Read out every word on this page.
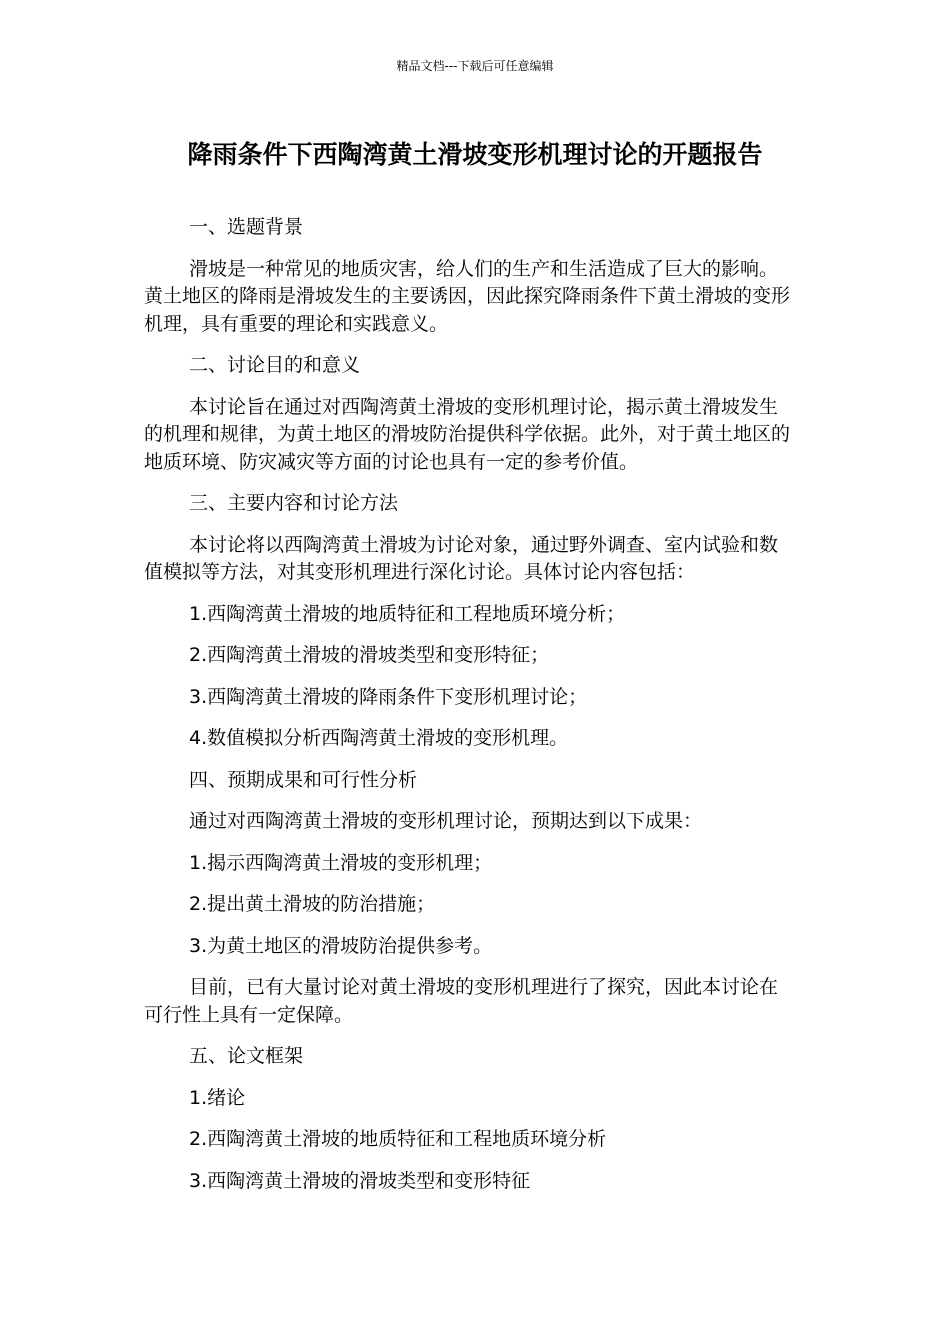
精品文档---下载后可任意编辑
降雨条件下西陶湾黄土滑坡变形机理讨论的开题报告

一、选题背景

滑坡是一种常见的地质灾害，给人们的生产和生活造成了巨大的影响。黄土地区的降雨是滑坡发生的主要诱因，因此探究降雨条件下黄土滑坡的变形机理，具有重要的理论和实践意义。

二、讨论目的和意义

本讨论旨在通过对西陶湾黄土滑坡的变形机理讨论，揭示黄土滑坡发生的机理和规律，为黄土地区的滑坡防治提供科学依据。此外，对于黄土地区的地质环境、防灾减灾等方面的讨论也具有一定的参考价值。

三、主要内容和讨论方法

本讨论将以西陶湾黄土滑坡为讨论对象，通过野外调查、室内试验和数值模拟等方法，对其变形机理进行深化讨论。具体讨论内容包括：

1.西陶湾黄土滑坡的地质特征和工程地质环境分析；

2.西陶湾黄土滑坡的滑坡类型和变形特征；

3.西陶湾黄土滑坡的降雨条件下变形机理讨论；

4.数值模拟分析西陶湾黄土滑坡的变形机理。

四、预期成果和可行性分析

通过对西陶湾黄土滑坡的变形机理讨论，预期达到以下成果：

1.揭示西陶湾黄土滑坡的变形机理；

2.提出黄土滑坡的防治措施；

3.为黄土地区的滑坡防治提供参考。

目前，已有大量讨论对黄土滑坡的变形机理进行了探究，因此本讨论在可行性上具有一定保障。

五、论文框架

1.绪论

2.西陶湾黄土滑坡的地质特征和工程地质环境分析

3.西陶湾黄土滑坡的滑坡类型和变形特征
